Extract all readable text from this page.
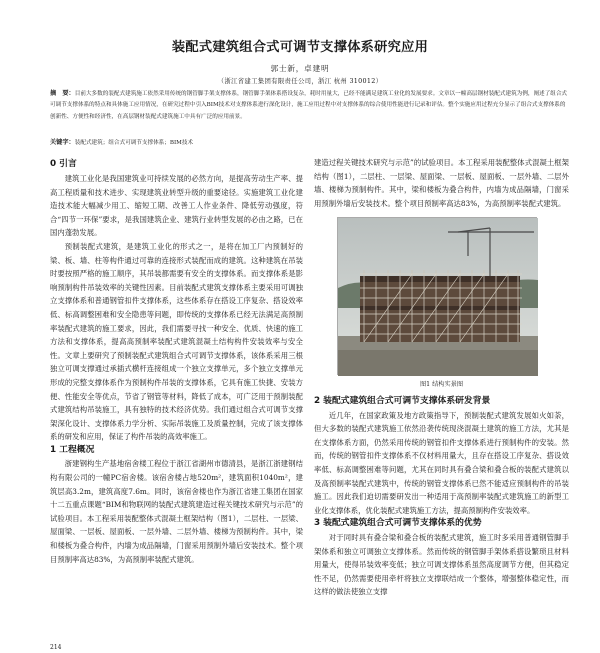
装配式建筑组合式可调节支撑体系研究应用
郭士新，卓建明
（浙江省建工集团有限责任公司，浙江 杭州 310012）
摘　要：目前大多数的装配式建筑施工依然采用传统的钢管脚手架支撑体系，钢管脚手架体系搭设复杂，耗时用量大，已经不能满足建筑工业化的发展要求。文章以一幢高层钢材装配式建筑为例，阐述了组合式可调节支撑体系的特点和具体施工应用情况，在研究过程中引入BIM技术对支撑体系进行深化设计，施工应用过程中对支撑体系的综合使用性能进行记录和评估。整个实施应用过程充分显示了组合式支撑体系的创新性、方便性和经济性，在高层钢材装配式建筑施工中具有广泛的应用前景。
关键字：装配式建筑；组合式可调节支撑体系；BIM技术
0 引言

建筑工业化是我国建筑业可持续发展的必然方向，是提高劳动生产率、提高工程质量和技术进步、实现建筑业转型升级的重要途径。实施建筑工业化建造技术能大幅减少用工、缩短工期、改善工人作业条件、降低劳动强度，符合“四节一环保”要求，是我国建筑企业、建筑行业转型发展的必由之路，已在国内蓬勃发展。

预制装配式建筑，是建筑工业化的形式之一，是将在加工厂内预制好的梁、板、墙、柱等构件通过可靠的连接形式装配而成的建筑。这种建筑在吊装时要按照严格的施工顺序，其吊装都需要有安全的支撑体系。而支撑体系是影响预制构件吊装效率的关键性因素。目前装配式建筑支撑体系主要采用可调独立支撑体系和普通钢管扣件支撑体系，这些体系存在搭设工序复杂、搭设效率低、标高调整困难和安全隐患等问题，即传统的支撑体系已经无法满足高预制率装配式建筑的施工要求，因此，我们需要寻找一种安全、优质、快速的施工方法和支撑体系，提高高预制率装配式建筑混凝土结构构件安装效率与安全性。文章上要研究了预制装配式建筑组合式可调节支撑体系，该体系采用三根独立可调支撑通过承插式横杆连接组成一个独立支撑单元，多个独立支撑单元形成的完整支撑体系作为预制构件吊装的支撑体系，它具有施工快捷、安装方便、性能安全等优点，节省了钢管等材料，降低了成本，可广泛用于预制装配式建筑结构吊装施工，具有独特的技术经济优势。我们通过组合式可调节支撑架深化设计、支撑体系力学分析、实际吊装施工及质量控制，完成了该支撑体系的研发和应用，保证了构件吊装的高效率施工。

1 工程概况

浙建钢构生产基地宿舍楼工程位于浙江省湖州市德清县，是浙江浙建钢结构有限公司的一幢PC宿舍楼。该宿舍楼占地520m²，建筑面积1040m²，建筑层高3.2m，建筑高度7.6m。同时，该宿舍楼也作为浙江省建工集团在国家十二五重点课题“BIM和物联网的装配式建筑建造过程关键技术研究与示范”的试验项目。本工程采用装配整体式混凝土框架结构（图1），二层柱、一层梁、屋面梁、一层板、屋面板、一层外墙、二层外墙、楼梯为预制构件。其中，梁和楼板为叠合构件，内墙为成品隔墙，门窗采用预制外墙后安装技术。整个项目预制率高达83%，为高预制率装配式建筑。

建造过程关键技术研究与示范”的试验项目。本工程采用装配整体式混凝土框架结构（图1），二层柱、一层梁、屋面梁、一层板、屋面板、一层外墙、二层外墙、楼梯为预制构件。其中，梁和楼板为叠合构件，内墙为成品隔墙，门窗采用预制外墙后安装技术。整个项目预制率高达83%，为高预制率装配式建筑。

图1 结构实景图
2 装配式建筑组合式可调节支撑体系研发背景

近几年，在国家政策及地方政策指导下，预制装配式建筑发展如火如荼，但大多数的装配式建筑施工依然沿袭传统现浇混凝土建筑的施工方法，尤其是在支撑体系方面，仍然采用传统的钢管扣件支撑体系进行预制构件的安装。然而，传统的钢管扣件支撑体系不仅材料用量大，且存在搭设工序复杂、搭设效率低、标高调整困难等问题，尤其在同时具有叠合梁和叠合板的装配式建筑以及高预制率装配式建筑中，传统的钢管支撑体系已然不能适应预制构件的吊装施工。因此我们迫切需要研发出一种适用于高预制率装配式建筑施工的新型工业化支撑体系，优化装配式建筑施工方法，提高预制构件安装效率。

3 装配式建筑组合式可调节支撑体系的优势

对于同时具有叠合梁和叠合板的装配式建筑，施工时多采用普通钢管脚手架体系和独立可调独立支撑体系。然而传统的钢管脚手架体系搭设繁琐且材料用量大，使得吊装效率变低；独立可调支撑体系虽然高度调节方便，但其稳定性不足，仍然需要使用牵杆将独立支撑联结成一个整体，增强整体稳定性，而这样的做法使独立支撑

214
